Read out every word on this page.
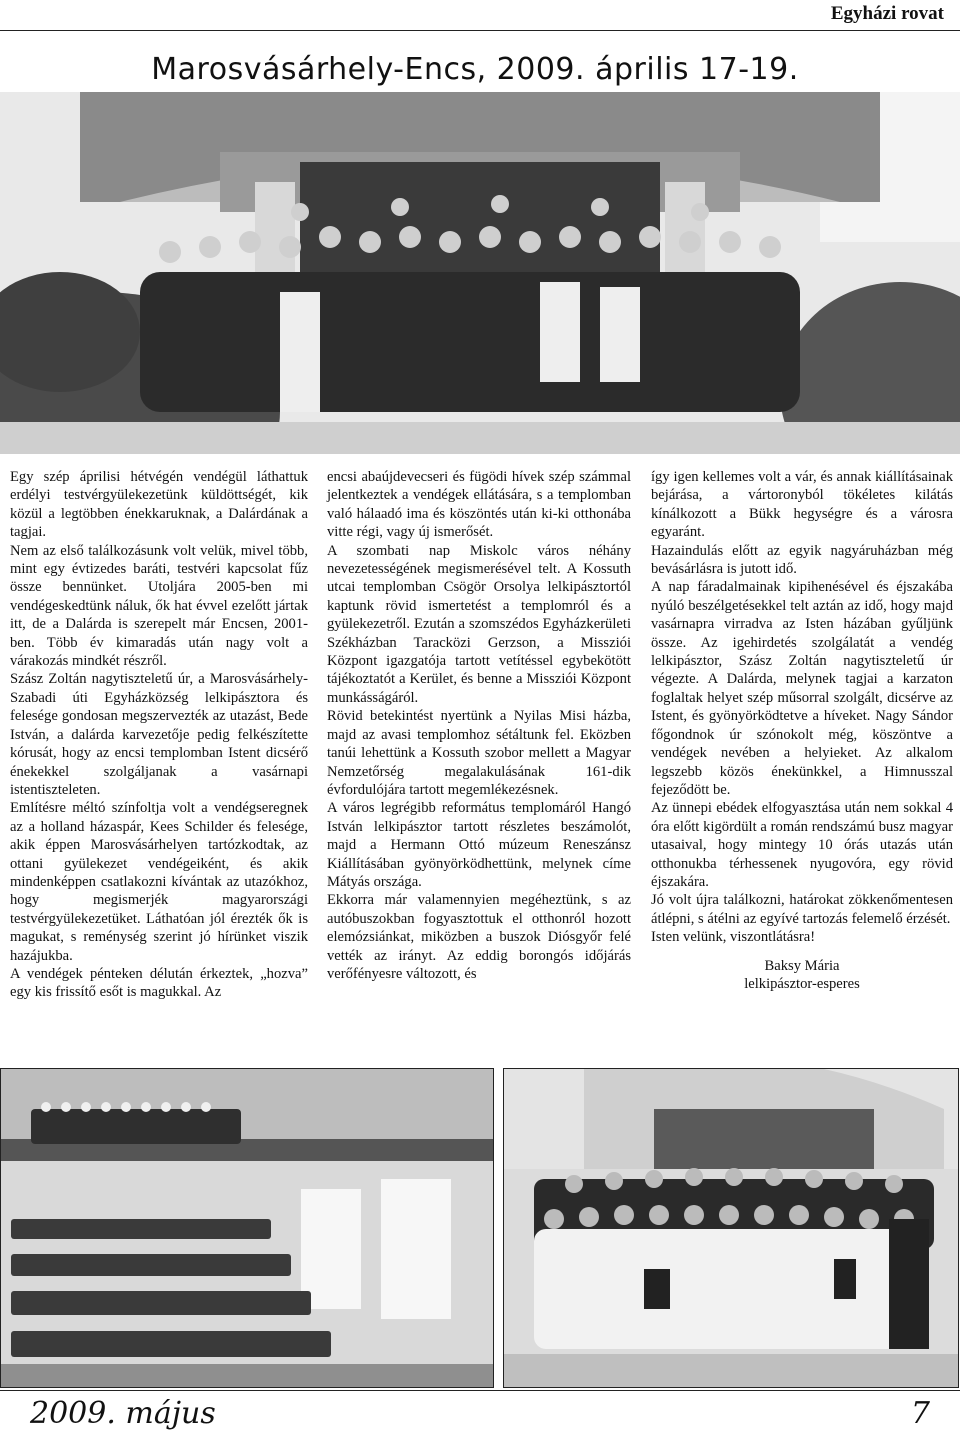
Egyházi rovat
Marosvásárhely-Encs, 2009. április 17-19.

Egy szép áprilisi hétvégén vendégül láthattuk erdélyi testvérgyülekezetünk küldöttségét, kik közül a legtöbben énekkaruknak, a Dalárdának a tagjai.

Nem az első találkozásunk volt velük, mivel több, mint egy évtizedes baráti, testvéri kapcsolat fűz össze bennünket. Utoljára 2005-ben mi vendégeskedtünk náluk, ők hat évvel ezelőtt jártak itt, de a Dalárda is szerepelt már Encsen, 2001-ben. Több év kimaradás után nagy volt a várakozás mindkét részről.

Szász Zoltán nagytiszteletű úr, a Marosvásárhely-Szabadi úti Egyházközség lelkipásztora és felesége gondosan megszervezték az utazást, Bede István, a dalárda karvezetője pedig felkészítette kórusát, hogy az encsi templomban Istent dicsérő énekekkel szolgáljanak a vasárnapi istentiszteleten.

Említésre méltó színfoltja volt a vendégseregnek az a holland házaspár, Kees Schilder és felesége, akik éppen Marosvásárhelyen tartózkodtak, az ottani gyülekezet vendégeiként, és akik mindenképpen csatlakozni kívántak az utazókhoz, hogy megismerjék magyarországi testvérgyülekezetüket. Láthatóan jól érezték ők is magukat, s reménység szerint jó hírünket viszik hazájukba.

A vendégek pénteken délután érkeztek, „hozva” egy kis frissítő esőt is magukkal. Az

encsi abaújdevecseri és fügödi hívek szép számmal jelentkeztek a vendégek ellátására, s a templomban való hálaadó ima és köszöntés után ki-ki otthonába vitte régi, vagy új ismerősét.

A szombati nap Miskolc város néhány nevezetességének megismerésével telt. A Kossuth utcai templomban Csögör Orsolya lelkipásztortól kaptunk rövid ismertetést a templomról és a gyülekezetről. Ezután a szomszédos Egyházkerületi Székházban Taracközi Gerzson, a Missziói Központ igazgatója tartott vetítéssel egybekötött tájékoztatót a Kerület, és benne a Missziói Központ munkásságáról.

Rövid betekintést nyertünk a Nyilas Misi házba, majd az avasi templomhoz sétáltunk fel. Eközben tanúi lehettünk a Kossuth szobor mellett a Magyar Nemzetőrség megalakulásának 161-dik évfordulójára tartott megemlékezésnek.

A város legrégibb református templomáról Hangó István lelkipásztor tartott részletes beszámolót, majd a Hermann Ottó múzeum Reneszánsz Kiállításában gyönyörködhettünk, melynek címe Mátyás országa.

Ekkorra már valamennyien megéheztünk, s az autóbuszokban fogyasztottuk el otthonról hozott elemózsiánkat, miközben a buszok Diósgyőr felé vették az irányt. Az eddig borongós időjárás verőfényesre változott, és

így igen kellemes volt a vár, és annak kiállításainak bejárása, a vártoronyból tökéletes kilátás kínálkozott a Bükk hegységre és a városra egyaránt.

Hazaindulás előtt az egyik nagyáruházban még bevásárlásra is jutott idő.

A nap fáradalmainak kipihenésével és éjszakába nyúló beszélgetésekkel telt aztán az idő, hogy majd vasárnapra virradva az Isten házában gyűljünk össze. Az igehirdetés szolgálatát a vendég lelkipásztor, Szász Zoltán nagytiszteletű úr végezte. A Dalárda, melynek tagjai a karzaton foglaltak helyet szép műsorral szolgált, dicsérve az Istent, és gyönyörködtetve a híveket. Nagy Sándor főgondnok úr szónokolt még, köszöntve a vendégek nevében a helyieket. Az alkalom legszebb közös énekünkkel, a Himnusszal fejeződött be.

Az ünnepi ebédek elfogyasztása után nem sokkal 4 óra előtt kigördült a román rendszámú busz magyar utasaival, hogy mintegy 10 órás utazás után otthonukba térhessenek nyugovóra, egy rövid éjszakára.

Jó volt újra találkozni, határokat zökkenőmentesen átlépni, s átélni az egyívé tartozás felemelő érzését.

Isten velünk, viszontlátásra!

Baksy Mária
lelkipásztor-esperes
2009. május	7
